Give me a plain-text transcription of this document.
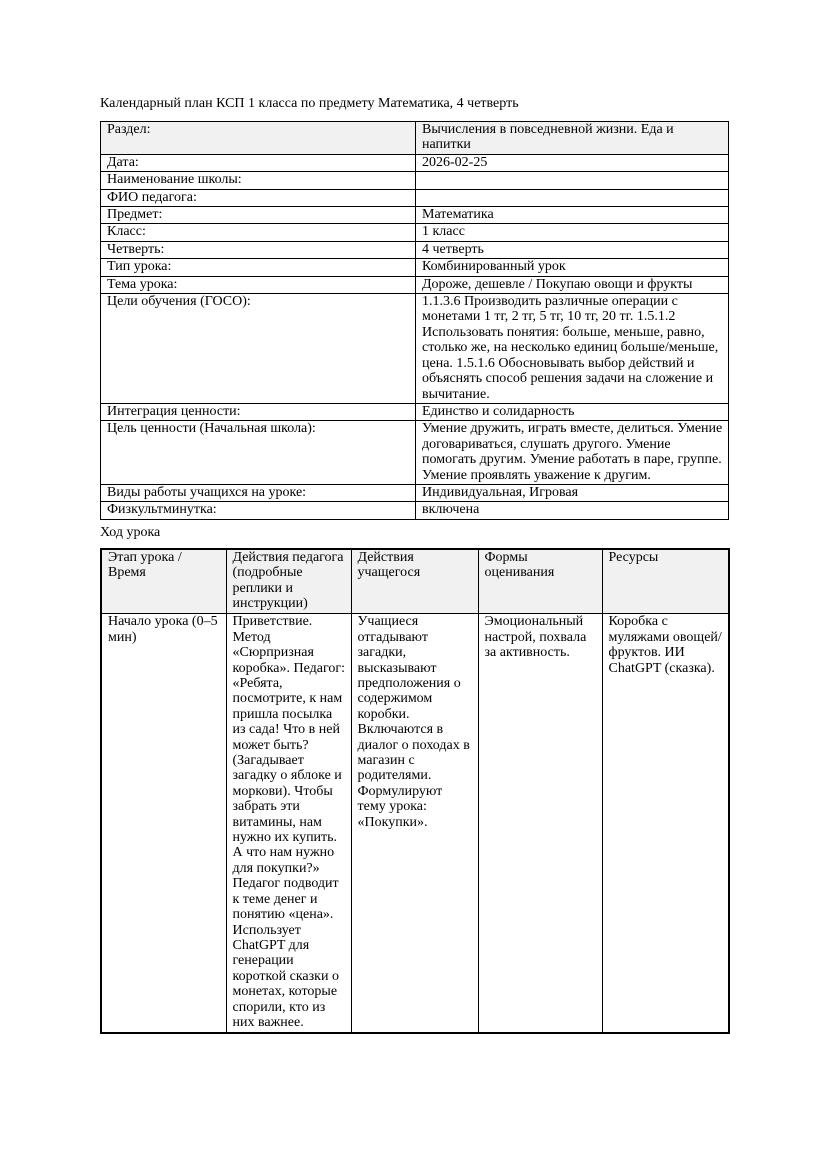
Календарный план КСП 1 класса по предмету Математика, 4 четверть

Раздел:	Вычисления в повседневной жизни. Еда и напитки
Дата:	2026-02-25
Наименование школы:	
ФИО педагога:	
Предмет:	Математика
Класс:	1 класс
Четверть:	4 четверть
Тип урока:	Комбинированный урок
Тема урока:	Дороже, дешевле / Покупаю овощи и фрукты
Цели обучения (ГОСО):	1.1.3.6 Производить различные операции с монетами 1 тг, 2 тг, 5 тг, 10 тг, 20 тг. 1.5.1.2 Использовать понятия: больше, меньше, равно, столько же, на несколько единиц больше/меньше, цена. 1.5.1.6 Обосновывать выбор действий и объяснять способ решения задачи на сложение и вычитание.
Интеграция ценности:	Единство и солидарность
Цель ценности (Начальная школа):	Умение дружить, играть вместе, делиться. Умение договариваться, слушать другого. Умение помогать другим. Умение работать в паре, группе. Умение проявлять уважение к другим.
Виды работы учащихся на уроке:	Индивидуальная, Игровая
Физкультминутка:	включена

Ход урока

Этап урока / Время	Действия педагога (подробные реплики и инструкции)	Действия учащегося	Формы оценивания	Ресурсы
Начало урока (0–5 мин)	Приветствие. Метод «Сюрпризная коробка». Педагог: «Ребята, посмотрите, к нам пришла посылка из сада! Что в ней может быть? (Загадывает загадку о яблоке и моркови). Чтобы забрать эти витамины, нам нужно их купить. А что нам нужно для покупки?» Педагог подводит к теме денег и понятию «цена». Использует ChatGPT для генерации короткой сказки о монетах, которые спорили, кто из них важнее.	Учащиеся отгадывают загадки, высказывают предположения о содержимом коробки. Включаются в диалог о походах в магазин с родителями. Формулируют тему урока: «Покупки».	Эмоциональный настрой, похвала за активность.	Коробка с муляжами овощей/фруктов. ИИ ChatGPT (сказка).
